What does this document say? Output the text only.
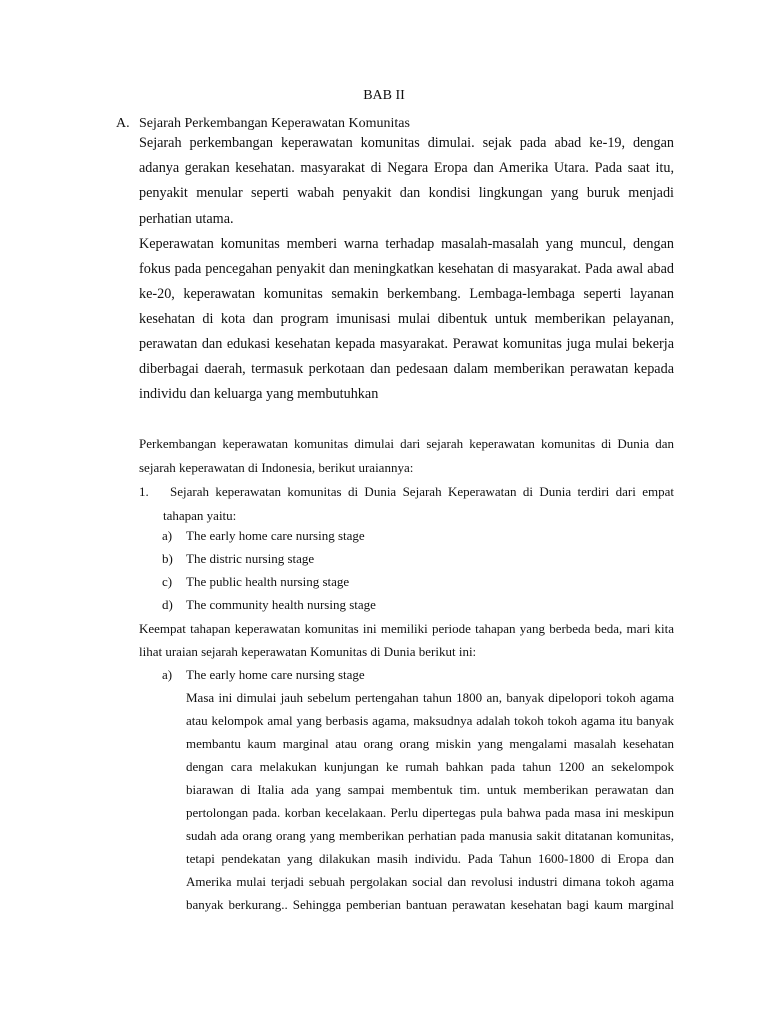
BAB II
A. Sejarah Perkembangan Keperawatan Komunitas
Sejarah perkembangan keperawatan komunitas dimulai. sejak pada abad ke-19, dengan adanya gerakan kesehatan. masyarakat di Negara Eropa dan Amerika Utara. Pada saat itu, penyakit menular seperti wabah penyakit dan kondisi lingkungan yang buruk menjadi perhatian utama.
Keperawatan komunitas memberi warna terhadap masalah-masalah yang muncul, dengan fokus pada pencegahan penyakit dan meningkatkan kesehatan di masyarakat. Pada awal abad ke-20, keperawatan komunitas semakin berkembang. Lembaga-lembaga seperti layanan kesehatan di kota dan program imunisasi mulai dibentuk untuk memberikan pelayanan, perawatan dan edukasi kesehatan kepada masyarakat. Perawat komunitas juga mulai bekerja diberbagai daerah, termasuk perkotaan dan pedesaan dalam memberikan perawatan kepada individu dan keluarga yang membutuhkan
Perkembangan keperawatan komunitas dimulai dari sejarah keperawatan komunitas di Dunia dan sejarah keperawatan di Indonesia, berikut uraiannya:
1. Sejarah keperawatan komunitas di Dunia Sejarah Keperawatan di Dunia terdiri dari empat tahapan yaitu:
a) The early home care nursing stage
b) The distric nursing stage
c) The public health nursing stage
d) The community health nursing stage
Keempat tahapan keperawatan komunitas ini memiliki periode tahapan yang berbeda beda, mari kita lihat uraian sejarah keperawatan Komunitas di Dunia berikut ini:
a) The early home care nursing stage
Masa ini dimulai jauh sebelum pertengahan tahun 1800 an, banyak dipelopori tokoh agama atau kelompok amal yang berbasis agama, maksudnya adalah tokoh tokoh agama itu banyak membantu kaum marginal atau orang orang miskin yang mengalami masalah kesehatan dengan cara melakukan kunjungan ke rumah bahkan pada tahun 1200 an sekelompok biarawan di Italia ada yang sampai membentuk tim. untuk memberikan perawatan dan pertolongan pada. korban kecelakaan. Perlu dipertegas pula bahwa pada masa ini meskipun sudah ada orang orang yang memberikan perhatian pada manusia sakit ditatanan komunitas, tetapi pendekatan yang dilakukan masih individu. Pada Tahun 1600-1800 di Eropa dan Amerika mulai terjadi sebuah pergolakan social dan revolusi industri dimana tokoh agama banyak berkurang.. Sehingga pemberian bantuan perawatan kesehatan bagi kaum marginal
